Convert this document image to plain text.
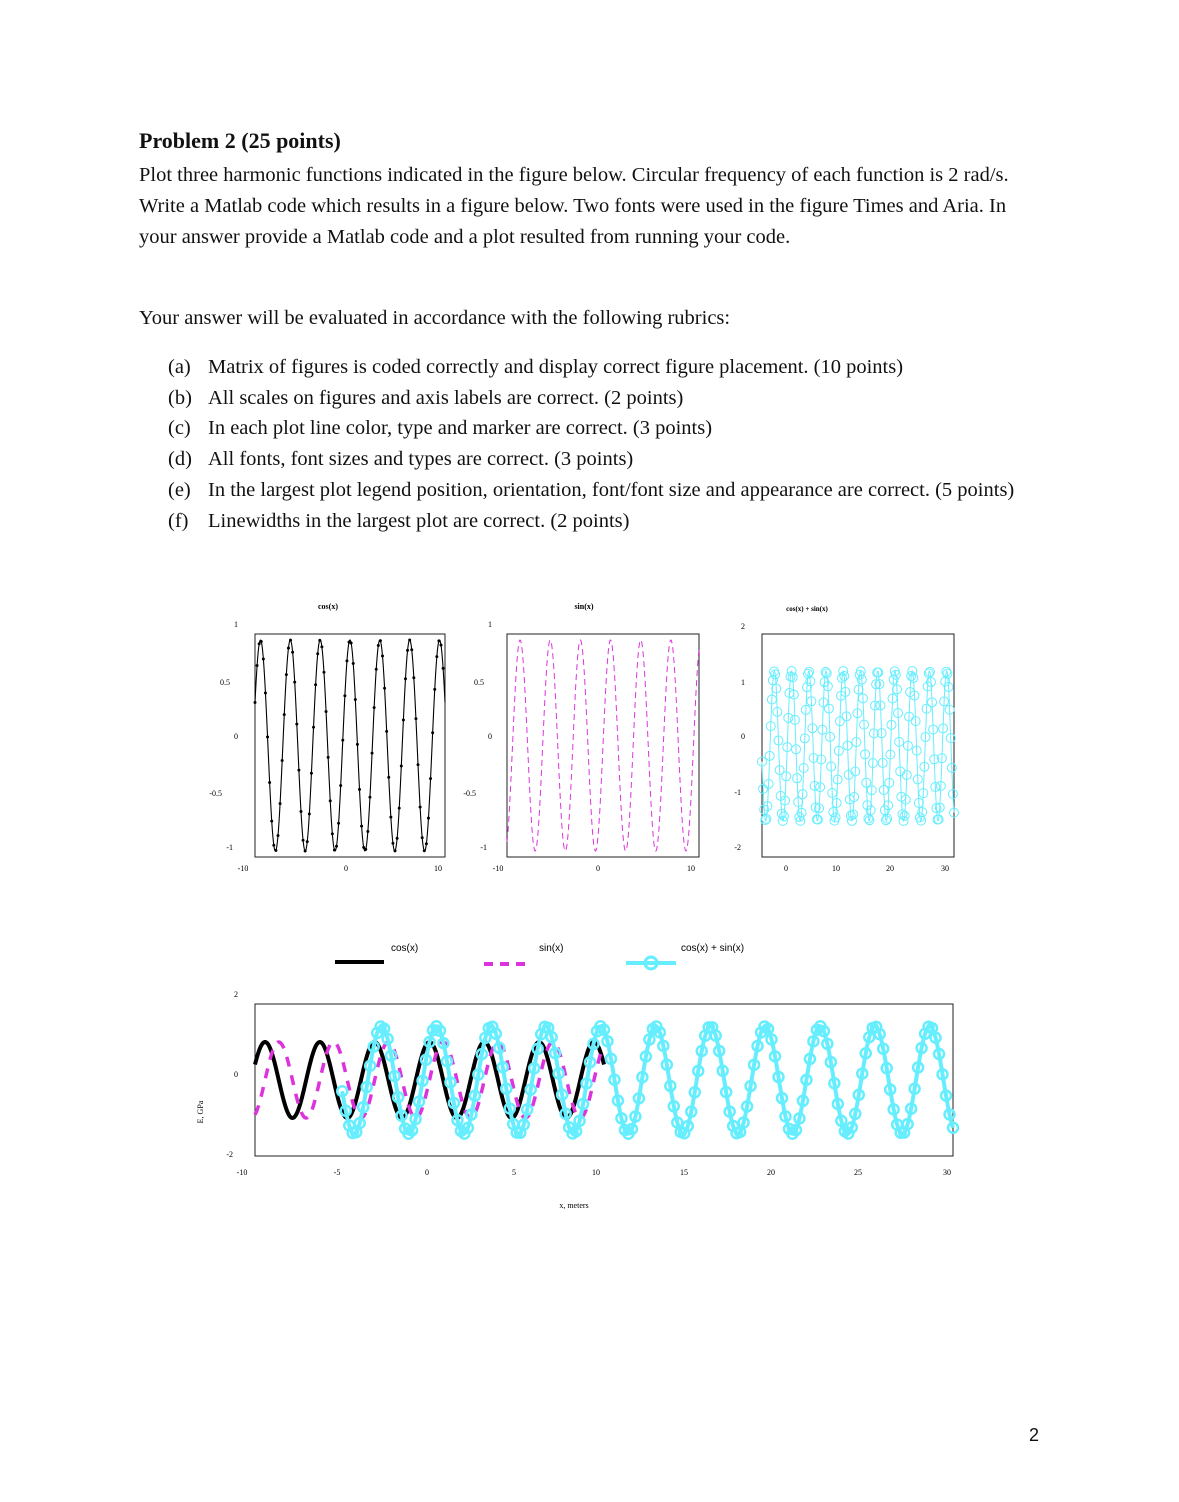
Problem 2 (25 points)

Plot three harmonic functions indicated in the figure below. Circular frequency of each function is 2 rad/s. Write a Matlab code which results in a figure below. Two fonts were used in the figure Times and Aria. In your answer provide a Matlab code and a plot resulted from running your code.

Your answer will be evaluated in accordance with the following rubrics:

(a) Matrix of figures is coded correctly and display correct figure placement. (10 points)
(b) All scales on figures and axis labels are correct. (2 points)
(c) In each plot line color, type and marker are correct. (3 points)
(d) All fonts, font sizes and types are correct. (3 points)
(e) In the largest plot legend position, orientation, font/font size and appearance are correct. (5 points)
(f) Linewidths in the largest plot are correct. (2 points)
cos(x)
1
0.5
0
-0.5
-1
-10	0	10
sin(x)
1
0.5
0
-0.5
-1
-10	0	10
cos(x) + sin(x)
2
1
0
-1
-2
0	10	20	30
cos(x)	sin(x)	cos(x) + sin(x)
2
0
-2
-10	-5	0	5	10	15	20	25	30
x, meters
E, GPa
2
